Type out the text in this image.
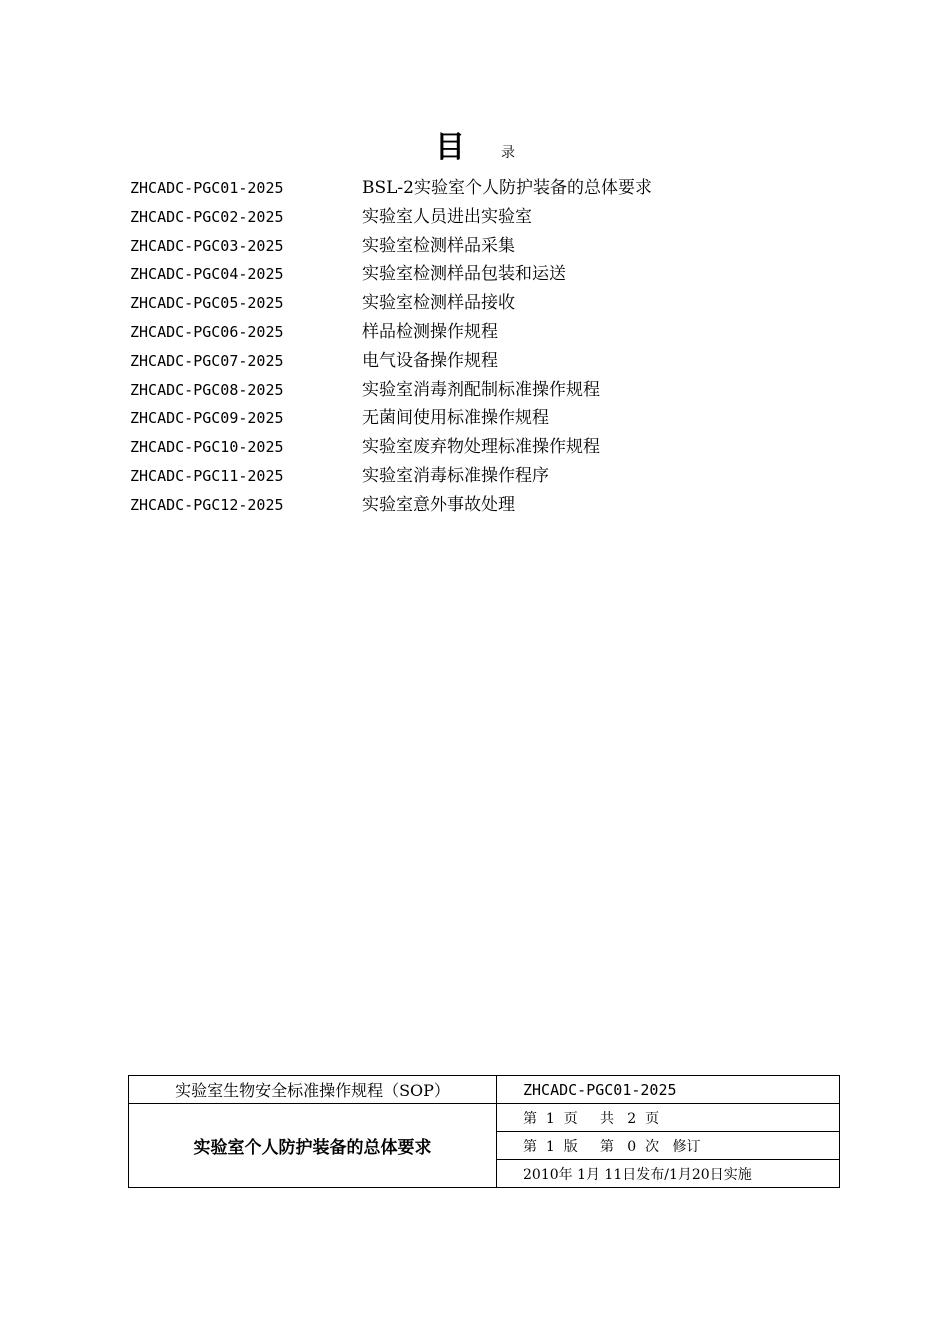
目	录
ZHCADC-PGC01-2025	BSL-2实验室个人防护装备的总体要求
ZHCADC-PGC02-2025	实验室人员进出实验室
ZHCADC-PGC03-2025	实验室检测样品采集
ZHCADC-PGC04-2025	实验室检测样品包装和运送
ZHCADC-PGC05-2025	实验室检测样品接收
ZHCADC-PGC06-2025	样品检测操作规程
ZHCADC-PGC07-2025	电气设备操作规程
ZHCADC-PGC08-2025	实验室消毒剂配制标准操作规程
ZHCADC-PGC09-2025	无菌间使用标准操作规程
ZHCADC-PGC10-2025	实验室废弃物处理标准操作规程
ZHCADC-PGC11-2025	实验室消毒标准操作程序
ZHCADC-PGC12-2025	实验室意外事故处理
实验室生物安全标准操作规程（SOP）	ZHCADC-PGC01-2025
实验室个人防护装备的总体要求	第  1  页     共   2  页
	第  1  版     第   0  次   修订
	2010年 1月 11日发布/1月20日实施
